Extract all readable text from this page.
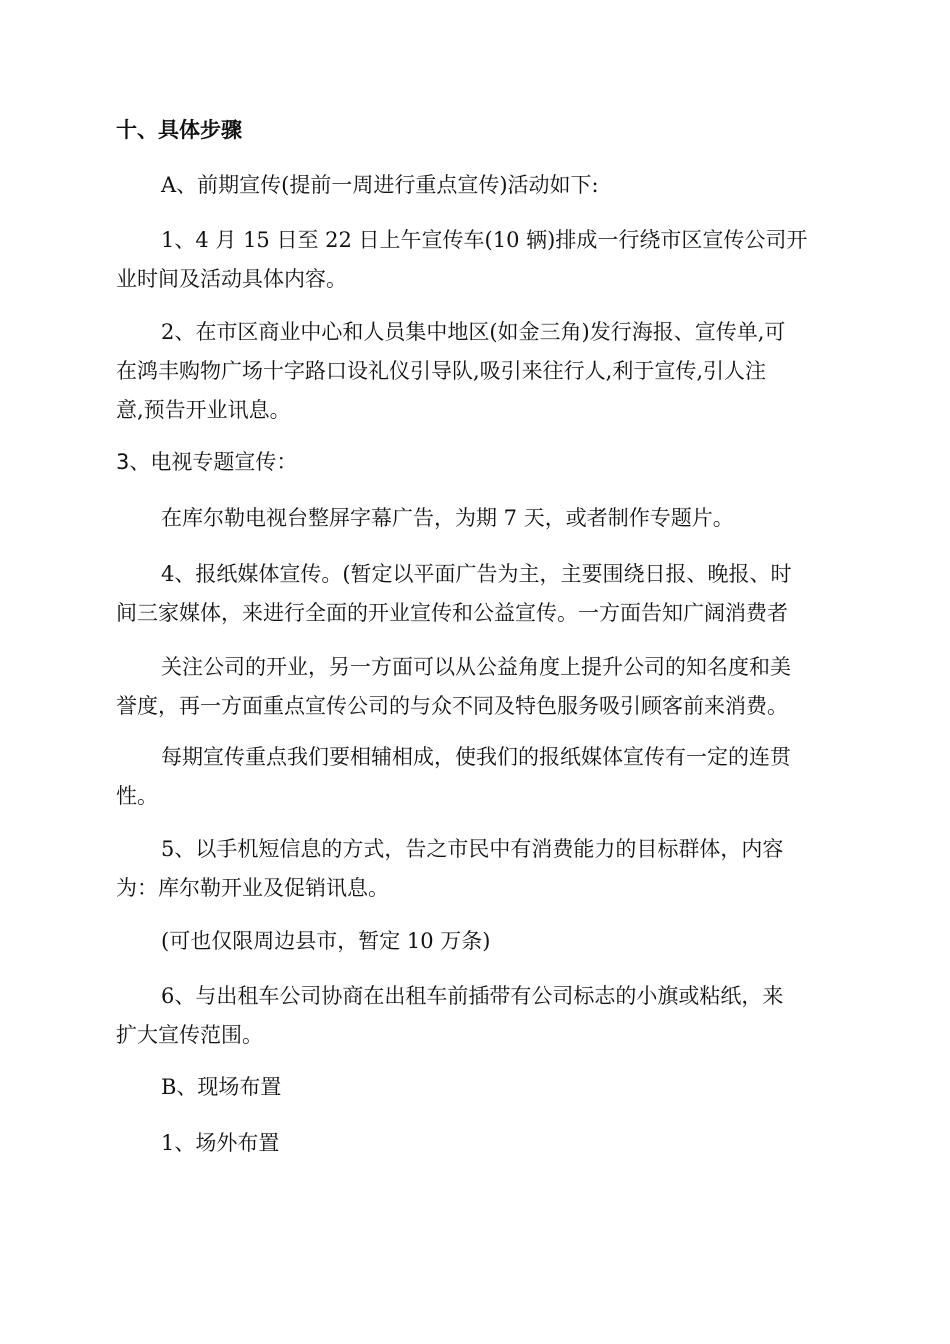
十、具体步骤

A、前期宣传(提前一周进行重点宣传)活动如下:

1、4 月 15 日至 22 日上午宣传车(10 辆)排成一行绕市区宣传公司开
业时间及活动具体内容。

2、在市区商业中心和人员集中地区(如金三角)发行海报、宣传单,可
在鸿丰购物广场十字路口设礼仪引导队,吸引来往行人,利于宣传,引人注
意,预告开业讯息。

3、电视专题宣传：

在库尔勒电视台整屏字幕广告，为期 7 天，或者制作专题片。

4、报纸媒体宣传。(暂定以平面广告为主，主要围绕日报、晚报、时
间三家媒体，来进行全面的开业宣传和公益宣传。一方面告知广阔消费者

关注公司的开业，另一方面可以从公益角度上提升公司的知名度和美
誉度，再一方面重点宣传公司的与众不同及特色服务吸引顾客前来消费。

每期宣传重点我们要相辅相成，使我们的报纸媒体宣传有一定的连贯
性。

5、以手机短信息的方式，告之市民中有消费能力的目标群体，内容
为：库尔勒开业及促销讯息。

(可也仅限周边县市，暂定 10 万条)

6、与出租车公司协商在出租车前插带有公司标志的小旗或粘纸，来
扩大宣传范围。

B、现场布置

1、场外布置
